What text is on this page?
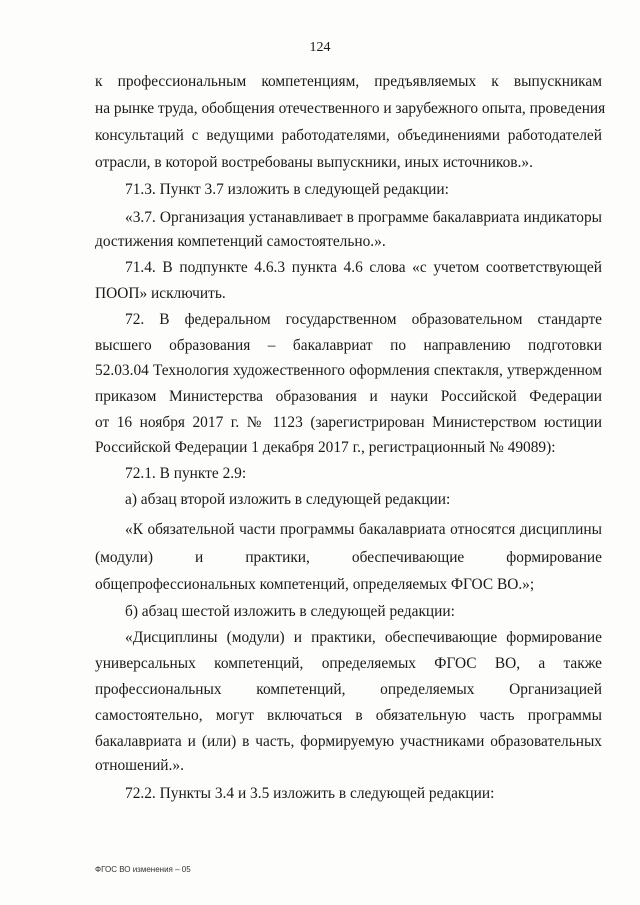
124
к профессиональным компетенциям, предъявляемых к выпускникам
на рынке труда, обобщения отечественного и зарубежного опыта, проведения
консультаций с ведущими работодателями, объединениями работодателей
отрасли, в которой востребованы выпускники, иных источников.».
71.3. Пункт 3.7 изложить в следующей редакции:
«3.7. Организация устанавливает в программе бакалавриата индикаторы
достижения компетенций самостоятельно.».
71.4. В подпункте 4.6.3 пункта 4.6 слова «с учетом соответствующей
ПООП» исключить.
72. В федеральном государственном образовательном стандарте
высшего образования – бакалавриат по направлению подготовки
52.03.04 Технология художественного оформления спектакля, утвержденном
приказом Министерства образования и науки Российской Федерации
от 16 ноября 2017 г. № 1123 (зарегистрирован Министерством юстиции
Российской Федерации 1 декабря 2017 г., регистрационный № 49089):
72.1. В пункте 2.9:
а) абзац второй изложить в следующей редакции:
«К обязательной части программы бакалавриата относятся дисциплины
(модули) и практики, обеспечивающие формирование
общепрофессиональных компетенций, определяемых ФГОС ВО.»;
б) абзац шестой изложить в следующей редакции:
«Дисциплины (модули) и практики, обеспечивающие формирование
универсальных компетенций, определяемых ФГОС ВО, а также
профессиональных компетенций, определяемых Организацией
самостоятельно, могут включаться в обязательную часть программы
бакалавриата и (или) в часть, формируемую участниками образовательных
отношений.».
72.2. Пункты 3.4 и 3.5 изложить в следующей редакции:
ФГОС ВО изменения – 05
